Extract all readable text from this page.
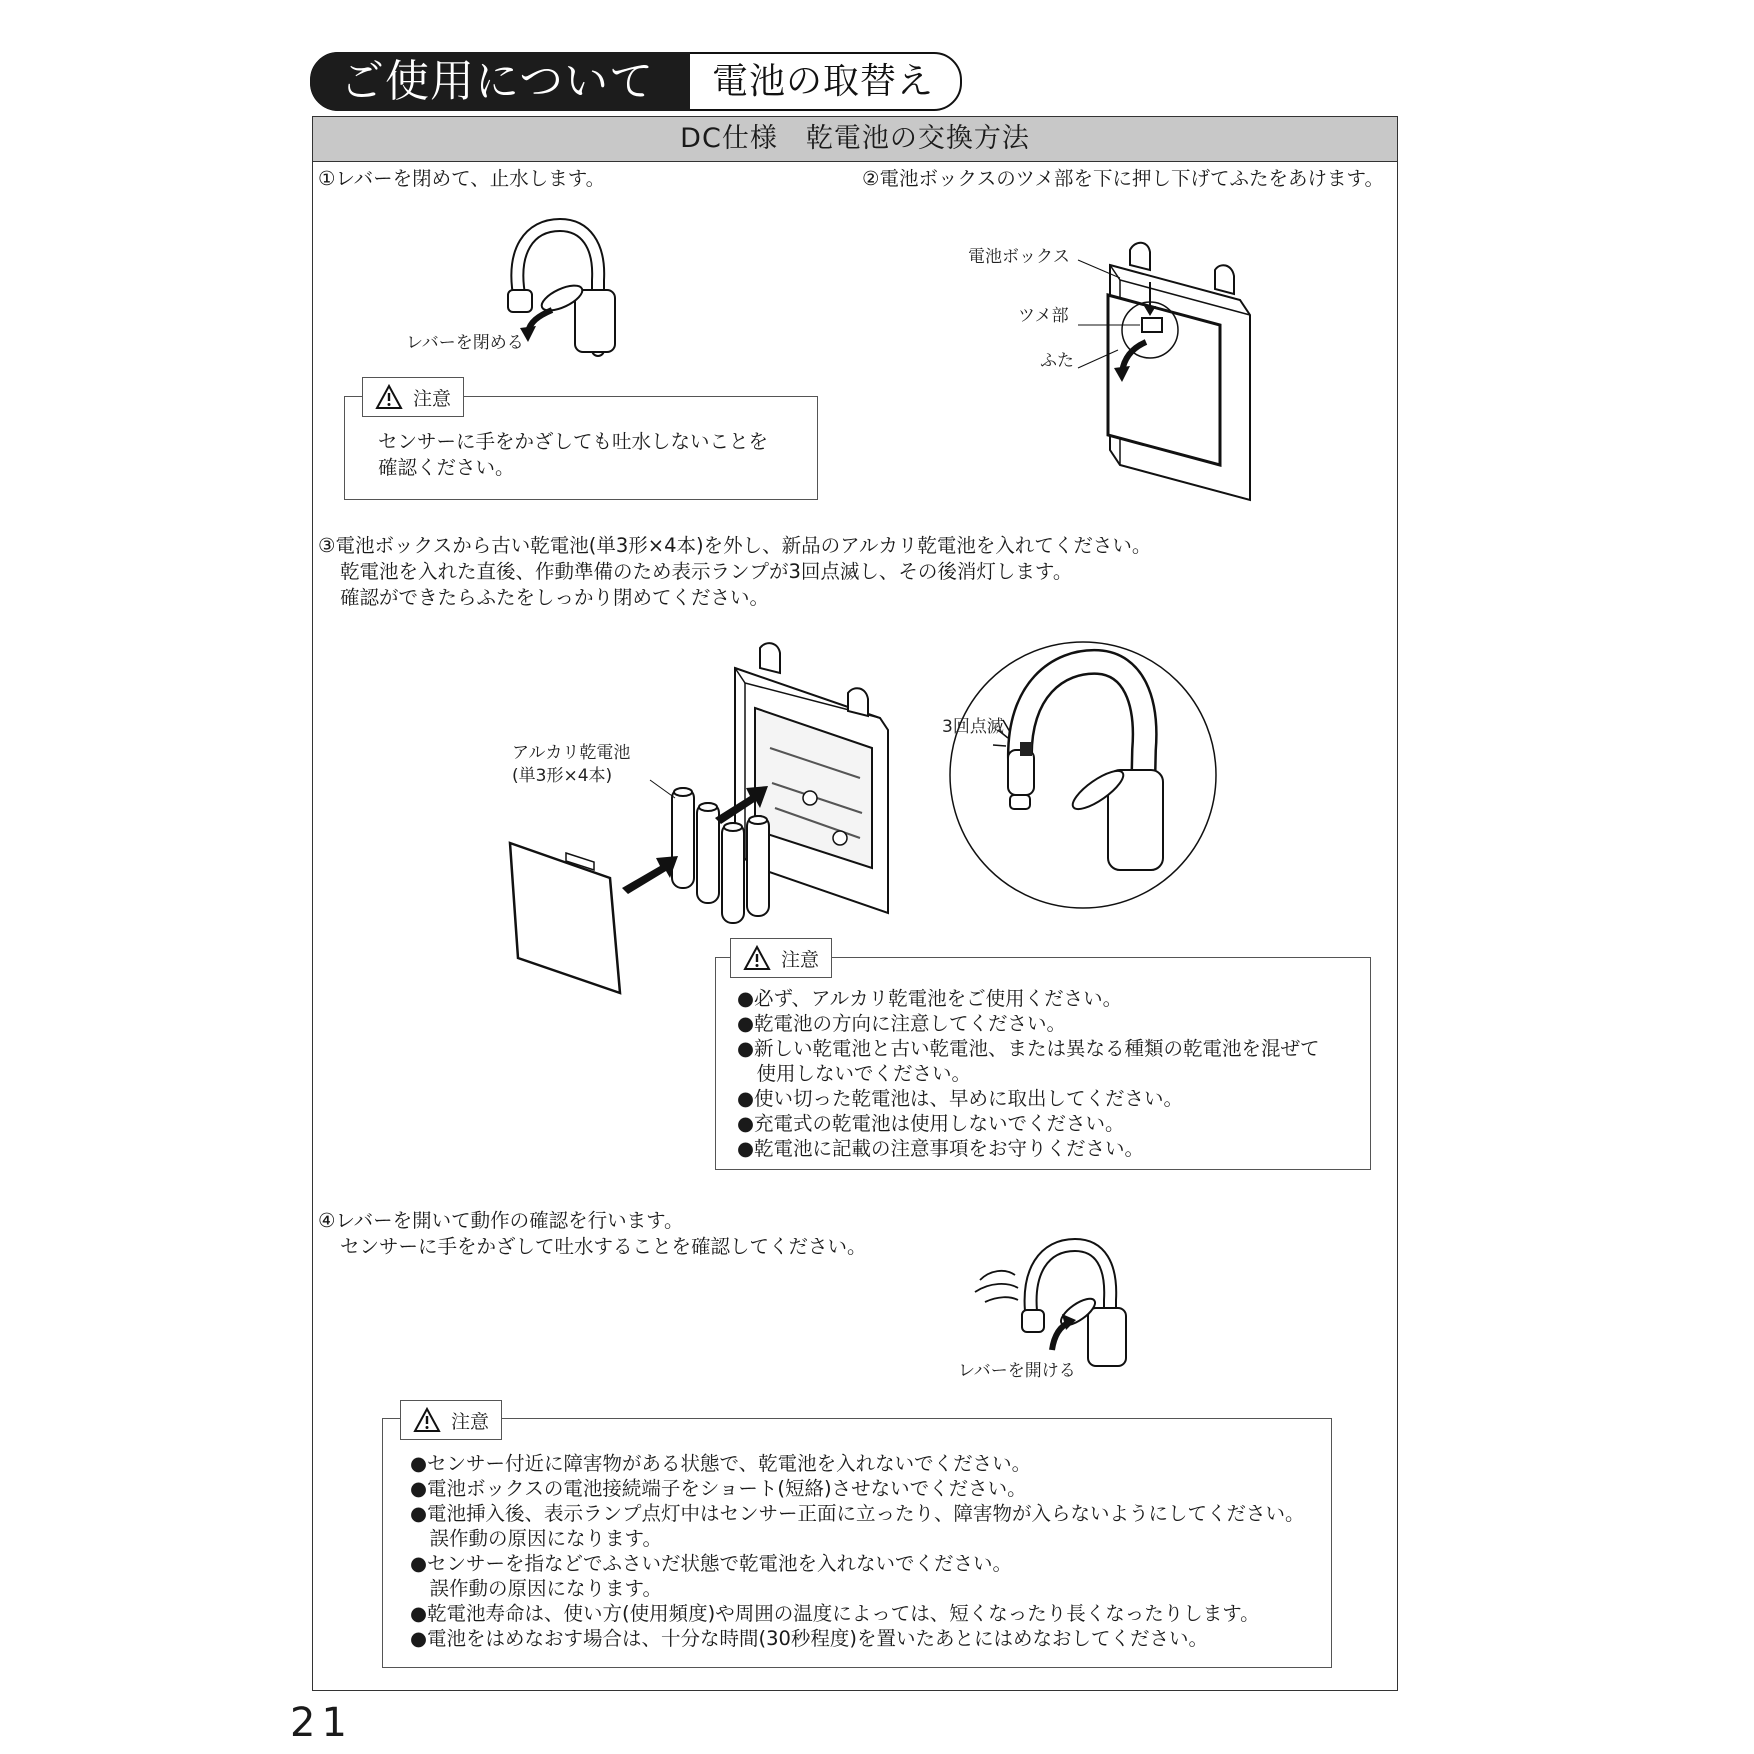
ご使用について	電池の取替え
DC仕様　乾電池の交換方法
①レバーを閉めて、止水します。
レバーを閉める
注意
センサーに手をかざしても吐水しないことを
確認ください。
②電池ボックスのツメ部を下に押し下げてふたをあけます。
電池ボックス
ツメ部
ふた
③電池ボックスから古い乾電池(単3形×4本)を外し、新品のアルカリ乾電池を入れてください。
乾電池を入れた直後、作動準備のため表示ランプが3回点滅し、その後消灯します。
確認ができたらふたをしっかり閉めてください。
アルカリ乾電池
(単3形×4本)
3回点滅
注意
●必ず、アルカリ乾電池をご使用ください。
●乾電池の方向に注意してください。
●新しい乾電池と古い乾電池、または異なる種類の乾電池を混ぜて
　使用しないでください。
●使い切った乾電池は、早めに取出してください。
●充電式の乾電池は使用しないでください。
●乾電池に記載の注意事項をお守りください。
④レバーを開いて動作の確認を行います。
センサーに手をかざして吐水することを確認してください。
レバーを開ける
注意
●センサー付近に障害物がある状態で、乾電池を入れないでください。
●電池ボックスの電池接続端子をショート(短絡)させないでください。
●電池挿入後、表示ランプ点灯中はセンサー正面に立ったり、障害物が入らないようにしてください。
　誤作動の原因になります。
●センサーを指などでふさいだ状態で乾電池を入れないでください。
　誤作動の原因になります。
●乾電池寿命は、使い方(使用頻度)や周囲の温度によっては、短くなったり長くなったりします。
●電池をはめなおす場合は、十分な時間(30秒程度)を置いたあとにはめなおしてください。
21
